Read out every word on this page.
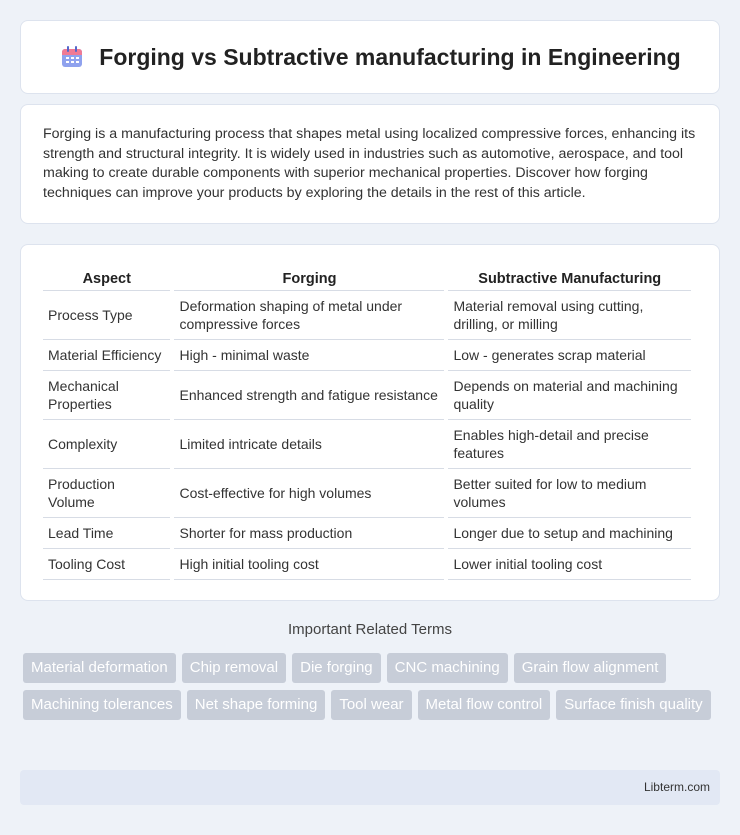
Forging vs Subtractive manufacturing in Engineering

Forging is a manufacturing process that shapes metal using localized compressive forces, enhancing its strength and structural integrity. It is widely used in industries such as automotive, aerospace, and tool making to create durable components with superior mechanical properties. Discover how forging techniques can improve your products by exploring the details in the rest of this article.

Aspect	Forging	Subtractive Manufacturing
Process Type	Deformation shaping of metal under compressive forces	Material removal using cutting, drilling, or milling
Material Efficiency	High - minimal waste	Low - generates scrap material
Mechanical Properties	Enhanced strength and fatigue resistance	Depends on material and machining quality
Complexity	Limited intricate details	Enables high-detail and precise features
Production Volume	Cost-effective for high volumes	Better suited for low to medium volumes
Lead Time	Shorter for mass production	Longer due to setup and machining
Tooling Cost	High initial tooling cost	Lower initial tooling cost
Important Related Terms
Material deformation	Chip removal	Die forging	CNC machining	Grain flow alignment
Machining tolerances	Net shape forming	Tool wear	Metal flow control	Surface finish quality
Libterm.com
